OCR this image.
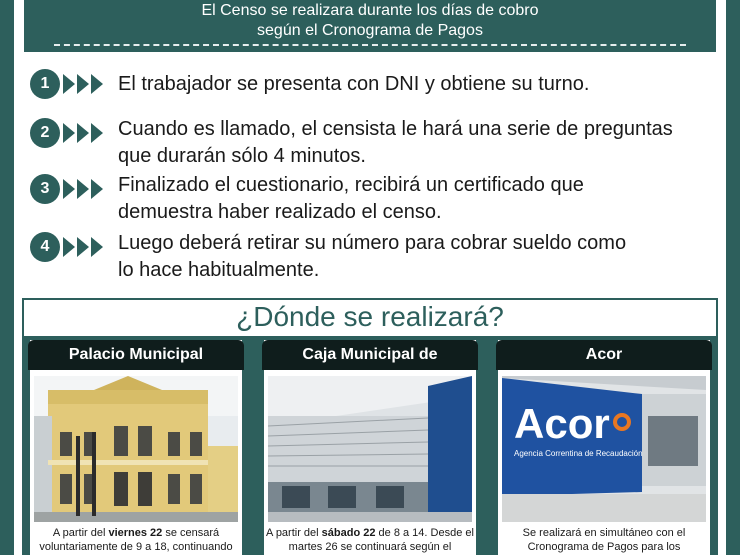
El Censo se realizara durante los días de cobro
según el Cronograma de Pagos
1	El trabajador se presenta con DNI y obtiene su turno.
2	Cuando es llamado, el censista le hará una serie de preguntas
que durarán sólo 4 minutos.
3	Finalizado el cuestionario, recibirá un certificado que
demuestra haber realizado el censo.
4	Luego deberá retirar su número para cobrar sueldo como
lo hace habitualmente.
¿Dónde se realizará?
Palacio Municipal
A partir del viernes 22 se censará voluntariamente de 9 a 18, continuando
Caja Municipal de
A partir del sábado 22 de 8 a 14. Desde el martes 26 se continuará según el
Acor
Acor
Agencia Correntina de Recaudación
Se realizará en simultáneo con el Cronograma de Pagos para los
